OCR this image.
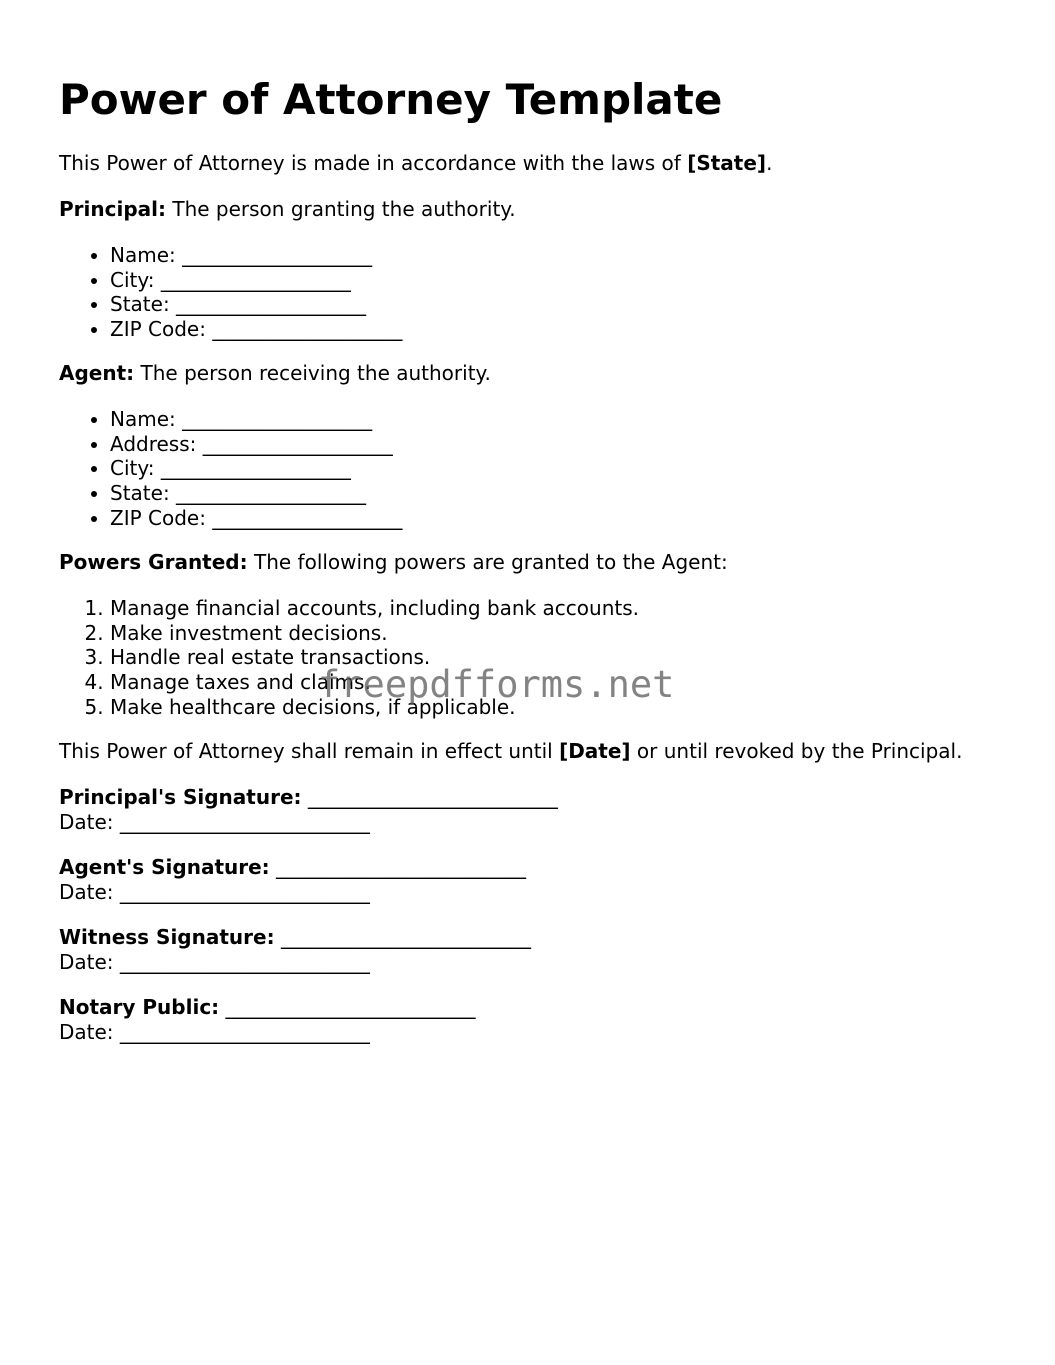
Power of Attorney Template

This Power of Attorney is made in accordance with the laws of [State].

Principal: The person granting the authority.

• Name: ___________________
• City: ___________________
• State: ___________________
• ZIP Code: ___________________

Agent: The person receiving the authority.

• Name: ___________________
• Address: ___________________
• City: ___________________
• State: ___________________
• ZIP Code: ___________________

Powers Granted: The following powers are granted to the Agent:

1. Manage financial accounts, including bank accounts.
2. Make investment decisions.
3. Handle real estate transactions.
4. Manage taxes and claims.
5. Make healthcare decisions, if applicable.

This Power of Attorney shall remain in effect until [Date] or until revoked by the Principal.

Principal's Signature: _________________________

Date: _________________________

Agent's Signature: _________________________

Date: _________________________

Witness Signature: _________________________

Date: _________________________

Notary Public: _________________________

Date: _________________________

freepdfforms.net
